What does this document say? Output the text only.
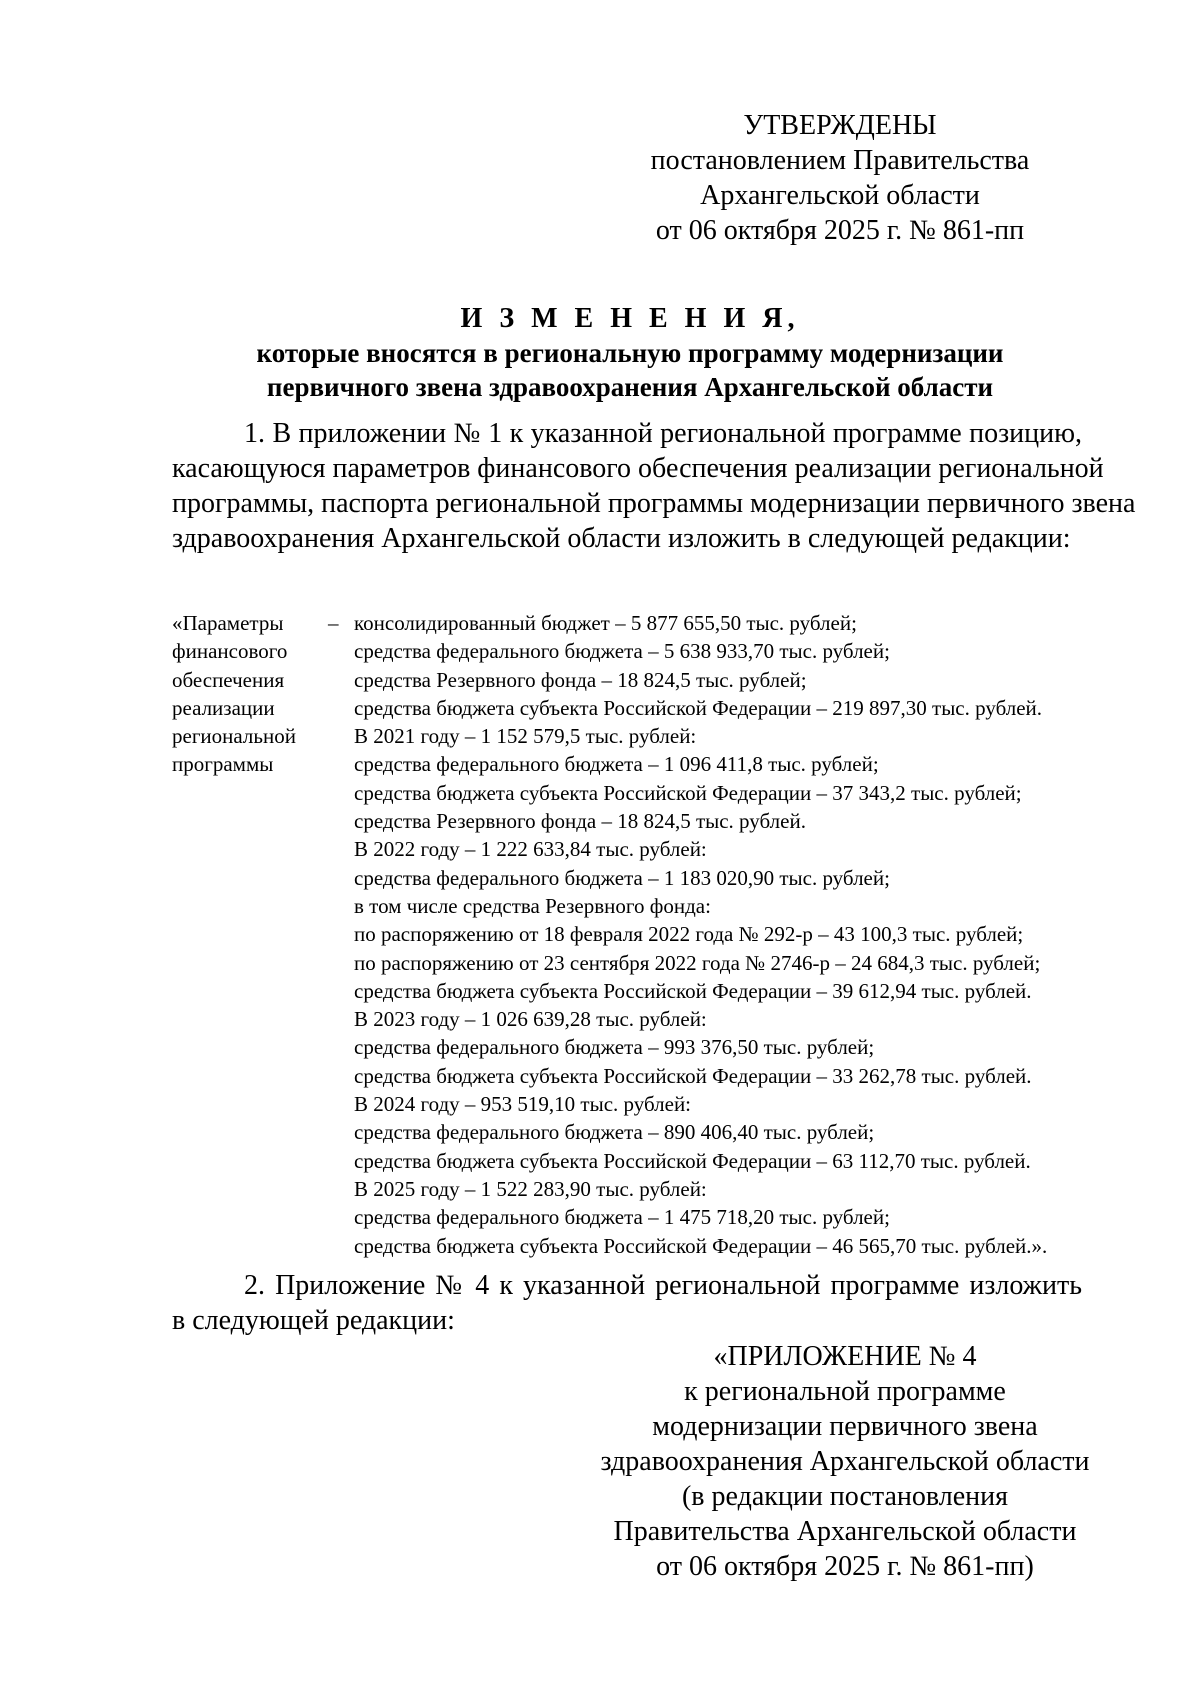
УТВЕРЖДЕНЫ
постановлением Правительства
Архангельской области
от 06 октября 2025 г. № 861-пп
И З М Е Н Е Н И Я,
которые вносятся в региональную программу модернизации
первичного звена здравоохранения Архангельской области
1. В приложении № 1 к указанной региональной программе позицию,
касающуюся параметров финансового обеспечения реализации региональной
программы, паспорта региональной программы модернизации первичного звена
здравоохранения Архангельской области изложить в следующей редакции:
«Параметры
финансового
обеспечения
реализации
региональной
программы
– консолидированный бюджет – 5 877 655,50 тыс. рублей;
средства федерального бюджета – 5 638 933,70 тыс. рублей;
средства Резервного фонда – 18 824,5 тыс. рублей;
средства бюджета субъекта Российской Федерации – 219 897,30 тыс. рублей.
В 2021 году – 1 152 579,5 тыс. рублей:
средства федерального бюджета – 1 096 411,8 тыс. рублей;
средства бюджета субъекта Российской Федерации – 37 343,2 тыс. рублей;
средства Резервного фонда – 18 824,5 тыс. рублей.
В 2022 году – 1 222 633,84 тыс. рублей:
средства федерального бюджета – 1 183 020,90 тыс. рублей;
в том числе средства Резервного фонда:
по распоряжению от 18 февраля 2022 года № 292-р – 43 100,3 тыс. рублей;
по распоряжению от 23 сентября 2022 года № 2746-р – 24 684,3 тыс. рублей;
средства бюджета субъекта Российской Федерации – 39 612,94 тыс. рублей.
В 2023 году – 1 026 639,28 тыс. рублей:
средства федерального бюджета – 993 376,50 тыс. рублей;
средства бюджета субъекта Российской Федерации – 33 262,78 тыс. рублей.
В 2024 году – 953 519,10 тыс. рублей:
средства федерального бюджета – 890 406,40 тыс. рублей;
средства бюджета субъекта Российской Федерации – 63 112,70 тыс. рублей.
В 2025 году – 1 522 283,90 тыс. рублей:
средства федерального бюджета – 1 475 718,20 тыс. рублей;
средства бюджета субъекта Российской Федерации – 46 565,70 тыс. рублей.».
2. Приложение № 4 к указанной региональной программе изложить
в следующей редакции:
«ПРИЛОЖЕНИЕ № 4
к региональной программе
модернизации первичного звена
здравоохранения Архангельской области
(в редакции постановления
Правительства Архангельской области
от 06 октября 2025 г. № 861-пп)
